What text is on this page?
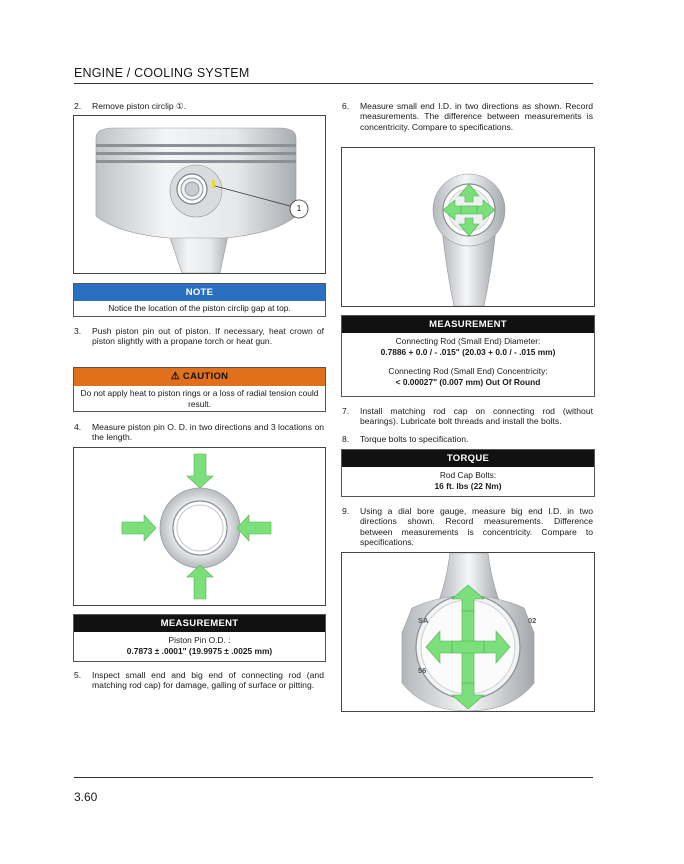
ENGINE / COOLING SYSTEM
2. Remove piston circlip ①.
1
NOTE
Notice the location of the piston circlip gap at top.
3. Push piston pin out of piston. If necessary, heat crown of piston slightly with a propane torch or heat gun.
⚠ CAUTION
Do not apply heat to piston rings or a loss of radial tension could result.
4. Measure piston pin O. D. in two directions and 3 locations on the length.
MEASUREMENT
Piston Pin O.D. :
0.7873 ± .0001" (19.9975 ± .0025 mm)
5. Inspect small end and big end of connecting rod (and matching rod cap) for damage, galling of surface or pitting.
6. Measure small end I.D. in two directions as shown. Record measurements. The difference between measurements is concentricity. Compare to specifications.
MEASUREMENT
Connecting Rod (Small End) Diameter:
0.7886 + 0.0 / - .015" (20.03 + 0.0 / - .015 mm)
Connecting Rod (Small End) Concentricity:
< 0.00027" (0.007 mm) Out Of Round
7. Install matching rod cap on connecting rod (without bearings). Lubricate bolt threads and install the bolts.
8. Torque bolts to specification.
TORQUE
Rod Cap Bolts:
16 ft. lbs (22 Nm)
9. Using a dial bore gauge, measure big end I.D. in two directions shown. Record measurements. Difference between measurements is concentricity. Compare to specifications.
SA	02
56
3.60
